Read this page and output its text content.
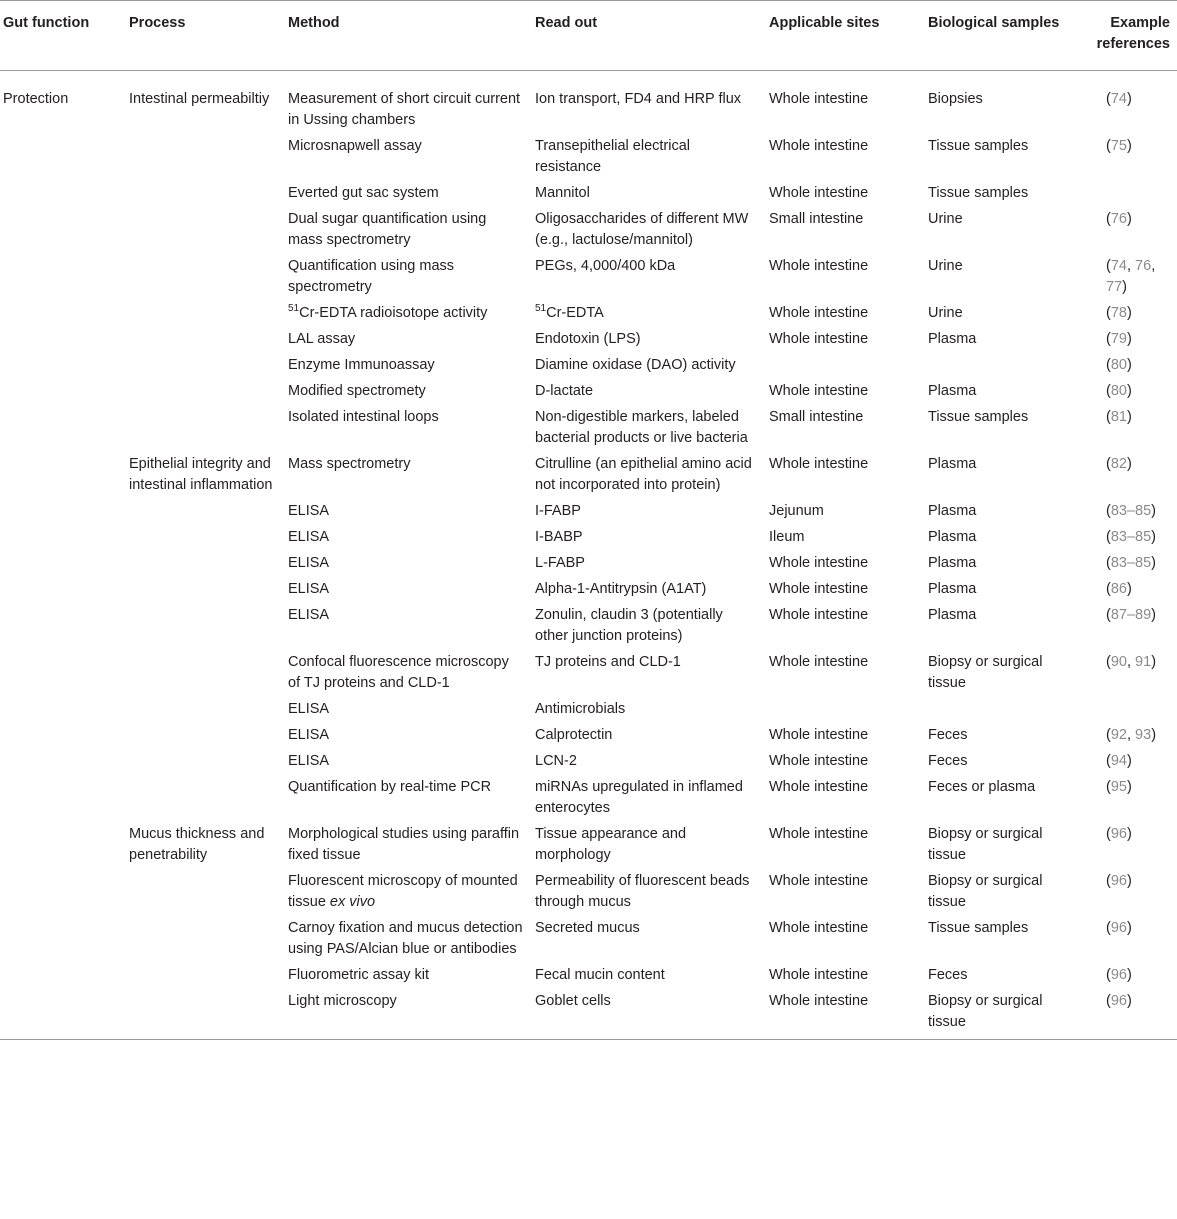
Gut function	Process	Method	Read out	Applicable sites	Biological samples	Example references
Protection	Intestinal permeabiltiy	Measurement of short circuit current in Ussing chambers	Ion transport, FD4 and HRP flux	Whole intestine	Biopsies	(74)
		Microsnapwell assay	Transepithelial electrical resistance	Whole intestine	Tissue samples	(75)
		Everted gut sac system	Mannitol	Whole intestine	Tissue samples	
		Dual sugar quantification using mass spectrometry	Oligosaccharides of different MW (e.g., lactulose/mannitol)	Small intestine	Urine	(76)
		Quantification using mass spectrometry	PEGs, 4,000/400 kDa	Whole intestine	Urine	(74, 76, 77)
		$^{51}$Cr-EDTA radioisotope activity	$^{51}$Cr-EDTA	Whole intestine	Urine	(78)
		LAL assay	Endotoxin (LPS)	Whole intestine	Plasma	(79)
		Enzyme Immunoassay	Diamine oxidase (DAO) activity			(80)
		Modified spectromety	D-lactate	Whole intestine	Plasma	(80)
		Isolated intestinal loops	Non-digestible markers, labeled bacterial products or live bacteria	Small intestine	Tissue samples	(81)
	Epithelial integrity and intestinal inflammation	Mass spectrometry	Citrulline (an epithelial amino acid not incorporated into protein)	Whole intestine	Plasma	(82)
		ELISA	I-FABP	Jejunum	Plasma	(83–85)
		ELISA	I-BABP	Ileum	Plasma	(83–85)
		ELISA	L-FABP	Whole intestine	Plasma	(83–85)
		ELISA	Alpha-1-Antitrypsin (A1AT)	Whole intestine	Plasma	(86)
		ELISA	Zonulin, claudin 3 (potentially other junction proteins)	Whole intestine	Plasma	(87–89)
		Confocal fluorescence microscopy of TJ proteins and CLD-1	TJ proteins and CLD-1	Whole intestine	Biopsy or surgical tissue	(90, 91)
		ELISA	Antimicrobials			
		ELISA	Calprotectin	Whole intestine	Feces	(92, 93)
		ELISA	LCN-2	Whole intestine	Feces	(94)
		Quantification by real-time PCR	miRNAs upregulated in inflamed enterocytes	Whole intestine	Feces or plasma	(95)
	Mucus thickness and penetrability	Morphological studies using paraffin fixed tissue	Tissue appearance and morphology	Whole intestine	Biopsy or surgical tissue	(96)
		Fluorescent microscopy of mounted tissue ex vivo	Permeability of fluorescent beads through mucus	Whole intestine	Biopsy or surgical tissue	(96)
		Carnoy fixation and mucus detection using PAS/Alcian blue or antibodies	Secreted mucus	Whole intestine	Tissue samples	(96)
		Fluorometric assay kit	Fecal mucin content	Whole intestine	Feces	(96)
		Light microscopy	Goblet cells	Whole intestine	Biopsy or surgical tissue	(96)
